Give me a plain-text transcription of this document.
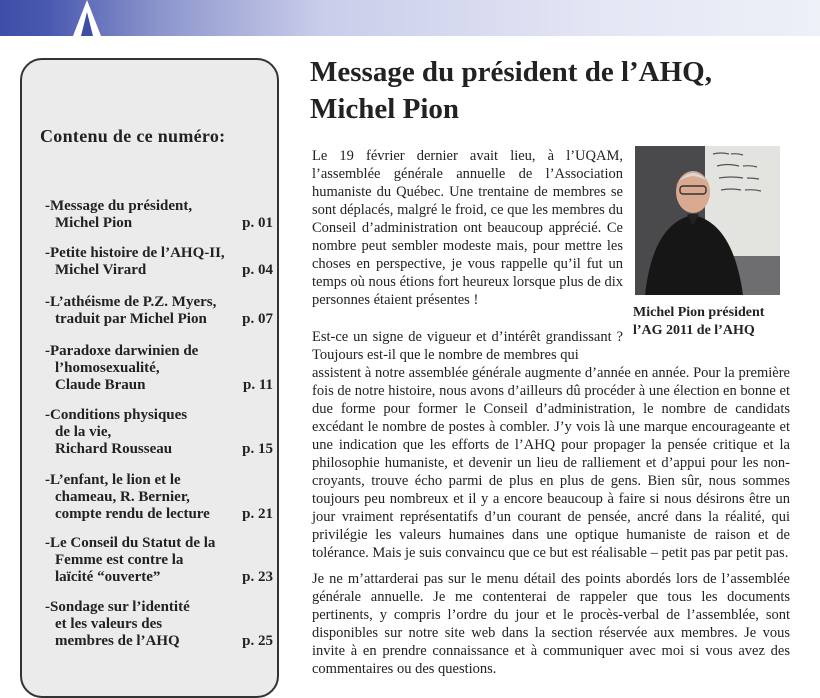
Contenu de ce numéro:
-Message du président,
Michel Pion	p. 01
-Petite histoire de l’AHQ-II,
Michel Virard	p. 04
-L’athéisme de P.Z. Myers,
traduit par Michel Pion	p. 07
-Paradoxe darwinien de
l’homosexualité,
Claude Braun	p. 11
-Conditions physiques
de la vie,
Richard Rousseau	p. 15
-L’enfant, le lion et le
chameau, R. Bernier,
compte rendu de lecture	p. 21
-Le Conseil du Statut de la
Femme est contre la
laïcité “ouverte”	p. 23
-Sondage sur l’identité
et les valeurs des
membres de l’AHQ	p. 25
Message du président de l’AHQ,
Michel Pion
Le 19 février dernier avait lieu, à l’UQAM, l’assemblée générale annuelle de l’Association humaniste du Québec. Une trentaine de membres se sont déplacés, malgré le froid, ce que les membres du Conseil d’administration ont beaucoup apprécié. Ce nombre peut sembler modeste mais, pour mettre les choses en perspective, je vous rappelle qu’il fut un temps où nous étions fort heureux lorsque plus de dix personnes étaient présentes !
Michel Pion président l’AG 2011 de l’AHQ
Est-ce un signe de vigueur et d’intérêt grandissant ? Toujours est-il que le nombre de membres qui
assistent à notre assemblée générale augmente d’année en année. Pour la première fois de notre histoire, nous avons d’ailleurs dû procéder à une élection en bonne et due forme pour former le Conseil d’administration, le nombre de candidats excédant le nombre de postes à combler. J’y vois là une marque encourageante et une indication que les efforts de l’AHQ pour propager la pensée critique et la philosophie humaniste, et devenir un lieu de ralliement et d’appui pour les non-croyants, trouve écho parmi de plus en plus de gens. Bien sûr, nous sommes toujours peu nombreux et il y a encore beaucoup à faire si nous désirons être un jour vraiment représentatifs d’un courant de pensée, ancré dans la réalité, qui privilégie les valeurs humaines dans une optique humaniste de raison et de tolérance. Mais je suis convaincu que ce but est réalisable – petit pas par petit pas.
Je ne m’attarderai pas sur le menu détail des points abordés lors de l’assemblée générale annuelle. Je me contenterai de rappeler que tous les documents pertinents, y compris l’ordre du jour et le procès-verbal de l’assemblée, sont disponibles sur notre site web dans la section réservée aux membres. Je vous invite à en prendre connaissance et à communiquer avec moi si vous avez des commentaires ou des questions.
